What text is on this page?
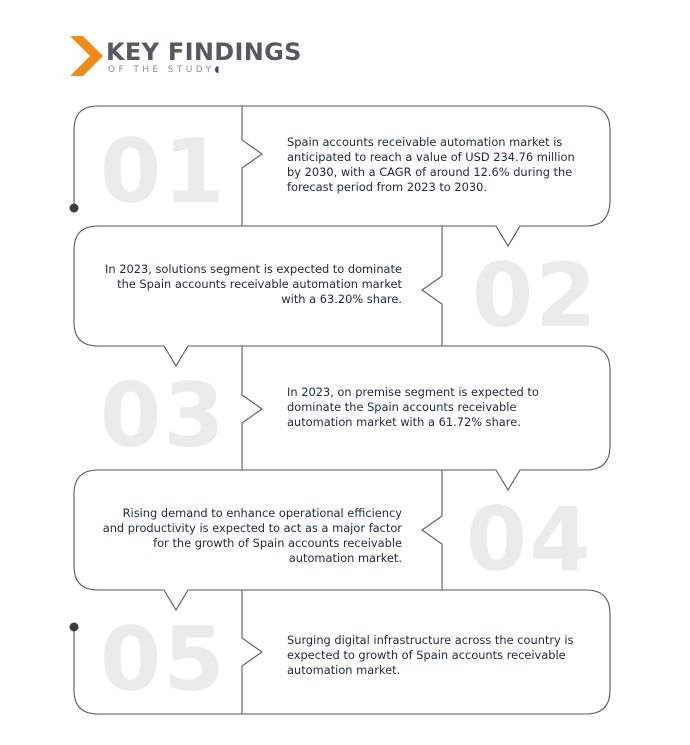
KEY FINDINGS
OF THE STUDY◖
01	Spain accounts receivable automation market is anticipated to reach a value of USD 234.76 million by 2030, with a CAGR of around 12.6% during the forecast period from 2023 to 2030.
02
In 2023, solutions segment is expected to dominate the Spain accounts receivable automation market with a 63.20% share.
03	In 2023, on premise segment is expected to dominate the Spain accounts receivable automation market with a 61.72% share.
04
Rising demand to enhance operational efficiency and productivity is expected to act as a major factor for the growth of Spain accounts receivable automation market.
05	Surging digital infrastructure across the country is expected to growth of Spain accounts receivable automation market.
